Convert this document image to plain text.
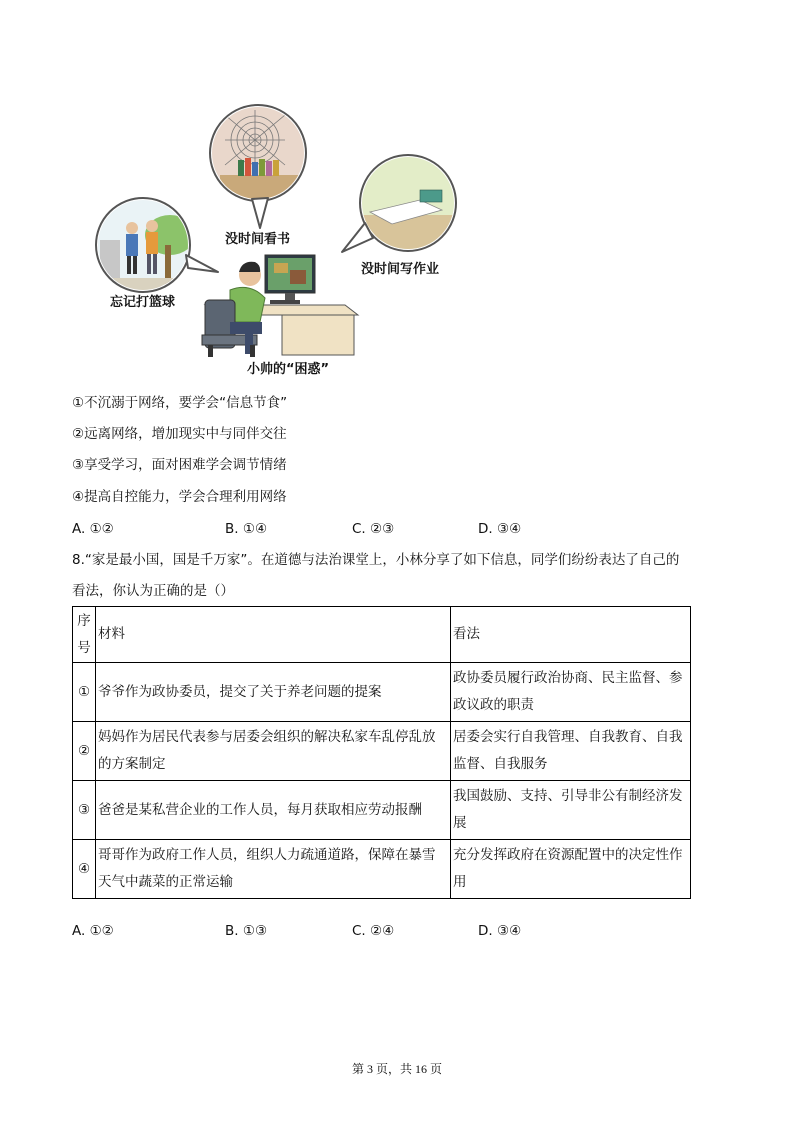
没时间看书
忘记打篮球
没时间写作业
小帅的“困惑”
①不沉溺于网络，要学会“信息节食”
②远离网络，增加现实中与同伴交往
③享受学习，面对困难学会调节情绪
④提高自控能力，学会合理利用网络
A. ①②	B. ①④	C. ②③	D. ③④
8.“家是最小国，国是千万家”。在道德与法治课堂上，小林分享了如下信息，同学们纷纷表达了自己的
看法，你认为正确的是（）
序号	材料	看法
①	爷爷作为政协委员，提交了关于养老问题的提案	政协委员履行政治协商、民主监督、参政议政的职责
②	妈妈作为居民代表参与居委会组织的解决私家车乱停乱放的方案制定	居委会实行自我管理、自我教育、自我监督、自我服务
③	爸爸是某私营企业的工作人员，每月获取相应劳动报酬	我国鼓励、支持、引导非公有制经济发展
④	哥哥作为政府工作人员，组织人力疏通道路，保障在暴雪天气中蔬菜的正常运输	充分发挥政府在资源配置中的决定性作用
A. ①②	B. ①③	C. ②④	D. ③④
第 3 页，共 16 页
